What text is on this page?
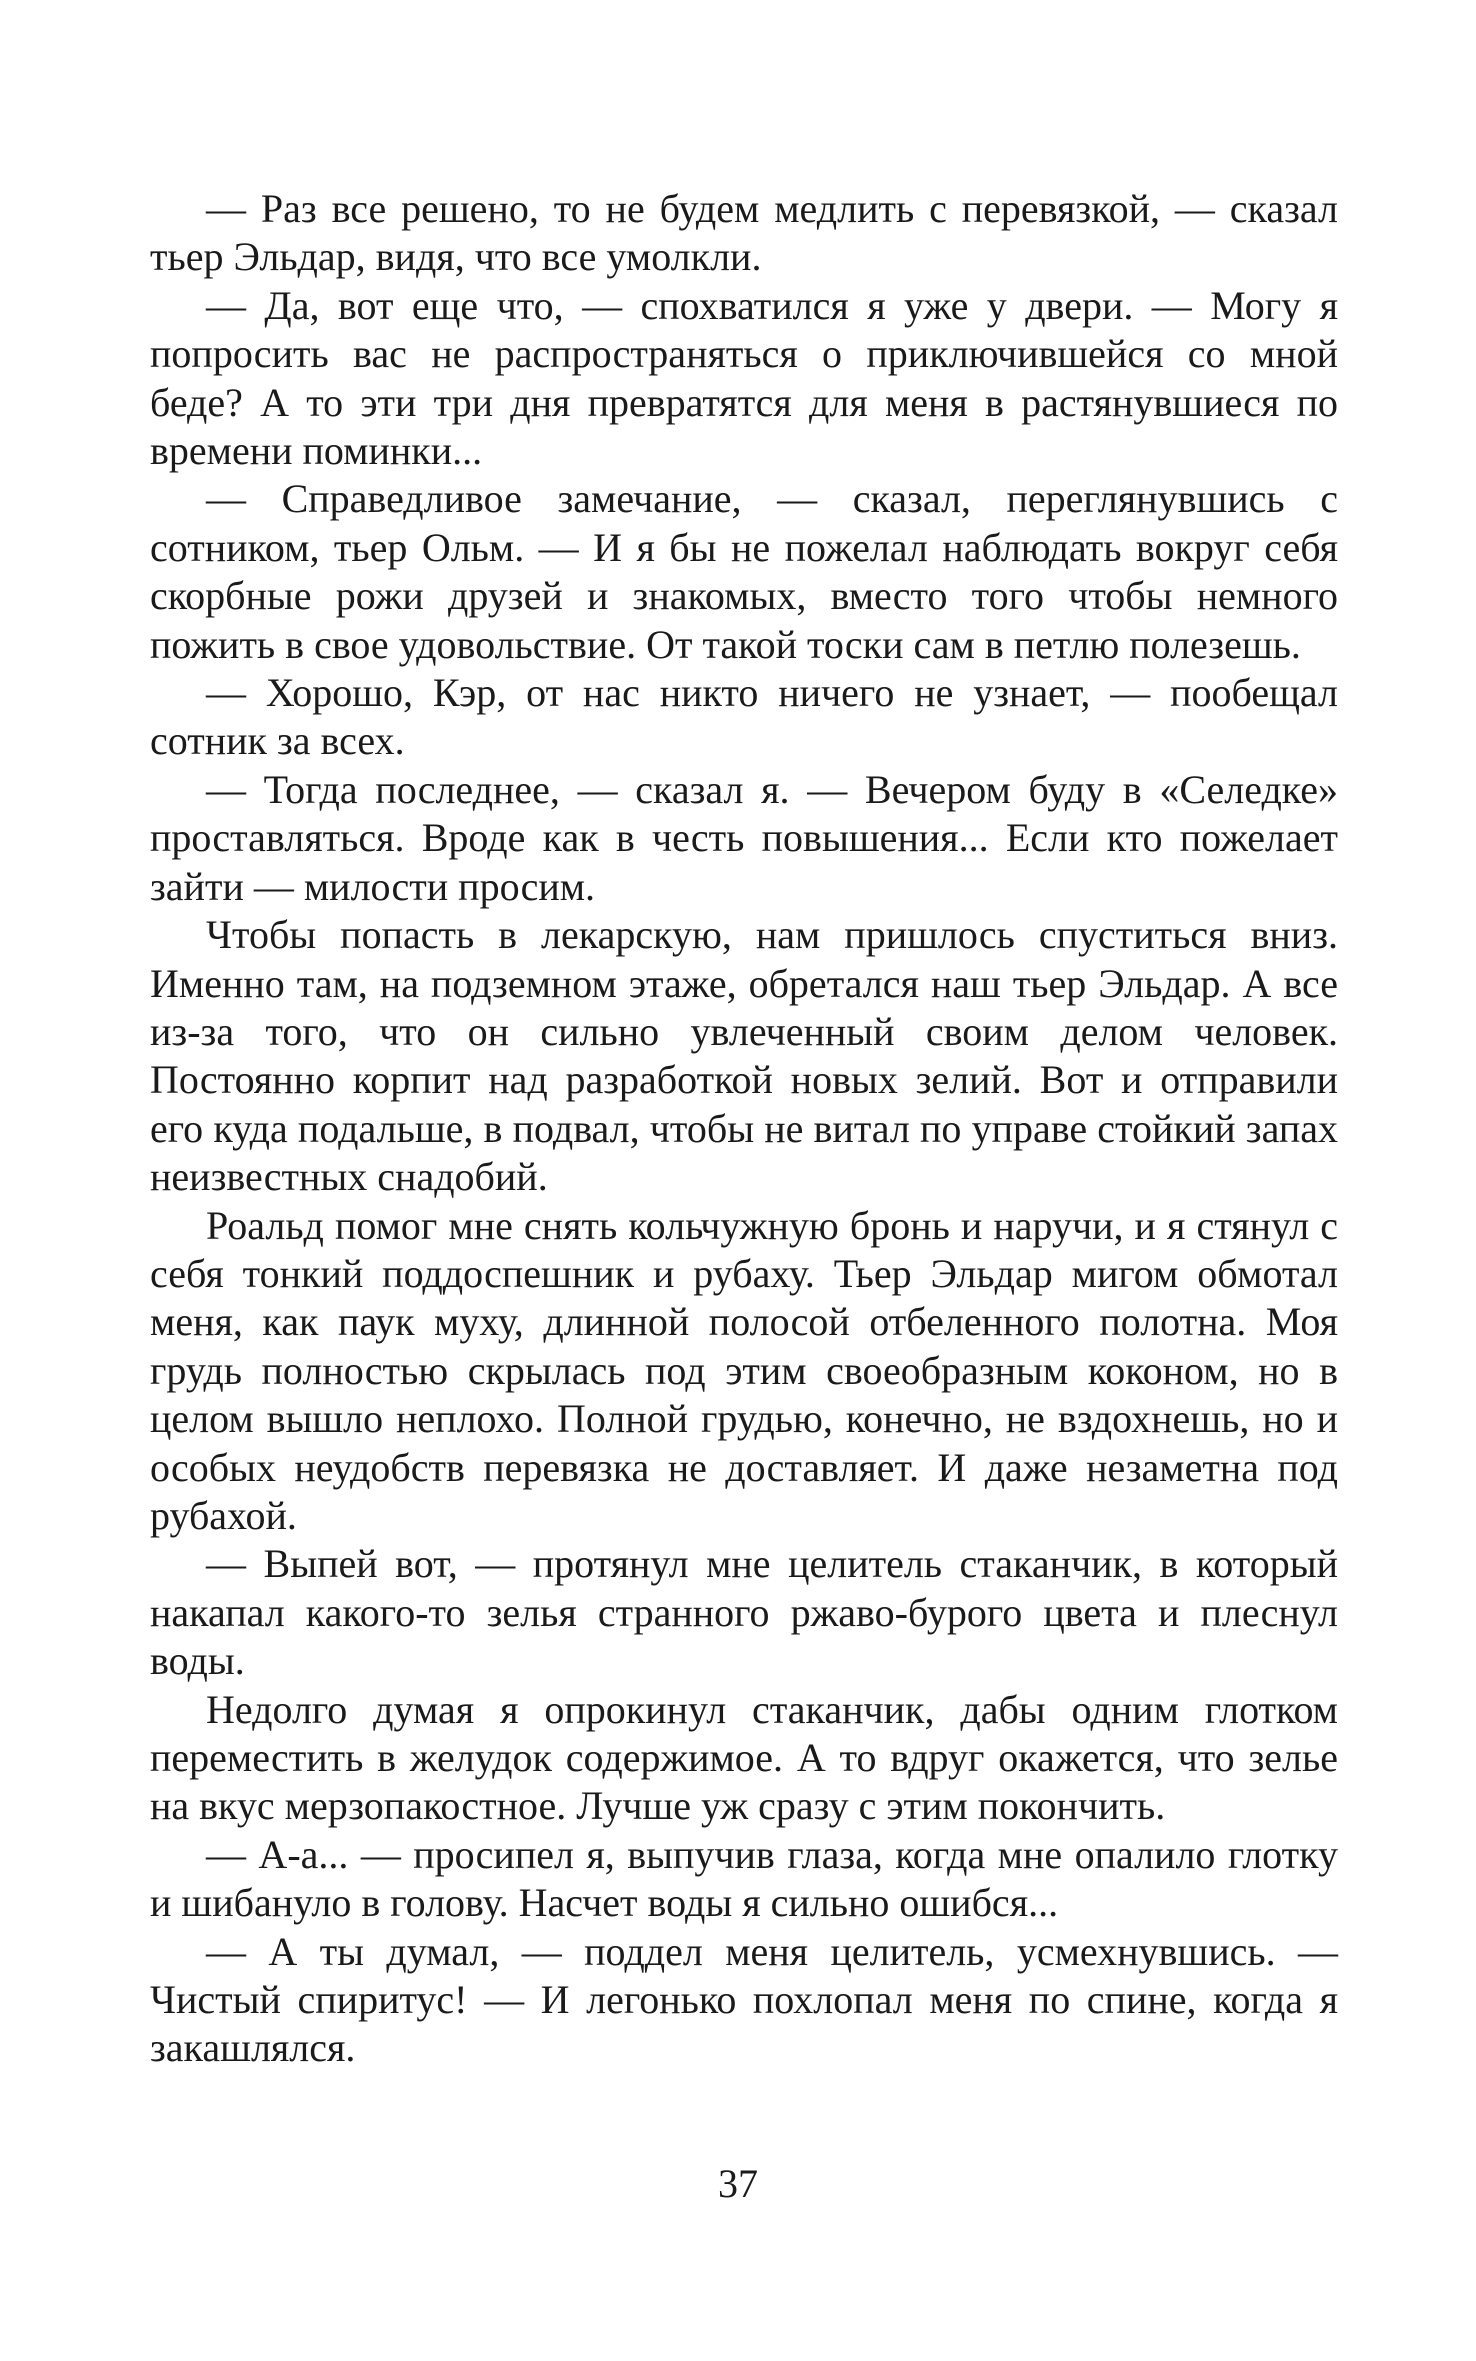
— Раз все решено, то не будем медлить с перевязкой, — сказал тьер Эльдар, видя, что все умолкли.

— Да, вот еще что, — спохватился я уже у двери. — Могу я попросить вас не распространяться о приключившейся со мной беде? А то эти три дня превратятся для меня в растянувшиеся по времени поминки...

— Справедливое замечание, — сказал, переглянувшись с сотником, тьер Ольм. — И я бы не пожелал наблюдать вокруг себя скорбные рожи друзей и знакомых, вместо того чтобы немного пожить в свое удовольствие. От такой тоски сам в петлю полезешь.

— Хорошо, Кэр, от нас никто ничего не узнает, — пообещал сотник за всех.

— Тогда последнее, — сказал я. — Вечером буду в «Селедке» проставляться. Вроде как в честь повышения... Если кто пожелает зайти — милости просим.

Чтобы попасть в лекарскую, нам пришлось спуститься вниз. Именно там, на подземном этаже, обретался наш тьер Эльдар. А все из-за того, что он сильно увлеченный своим делом человек. Постоянно корпит над разработкой новых зелий. Вот и отправили его куда подальше, в подвал, чтобы не витал по управе стойкий запах неизвестных снадобий.

Роальд помог мне снять кольчужную бронь и наручи, и я стянул с себя тонкий поддоспешник и рубаху. Тьер Эльдар мигом обмотал меня, как паук муху, длинной полосой отбеленного полотна. Моя грудь полностью скрылась под этим своеобразным коконом, но в целом вышло неплохо. Полной грудью, конечно, не вздохнешь, но и особых неудобств перевязка не доставляет. И даже незаметна под рубахой.

— Выпей вот, — протянул мне целитель стаканчик, в который накапал какого-то зелья странного ржаво-бурого цвета и плеснул воды.

Недолго думая я опрокинул стаканчик, дабы одним глотком переместить в желудок содержимое. А то вдруг окажется, что зелье на вкус мерзопакостное. Лучше уж сразу с этим покончить.

— А-а... — просипел я, выпучив глаза, когда мне опалило глотку и шибануло в голову. Насчет воды я сильно ошибся...

— А ты думал, — поддел меня целитель, усмехнувшись. — Чистый спиритус! — И легонько похлопал меня по спине, когда я закашлялся.

37
